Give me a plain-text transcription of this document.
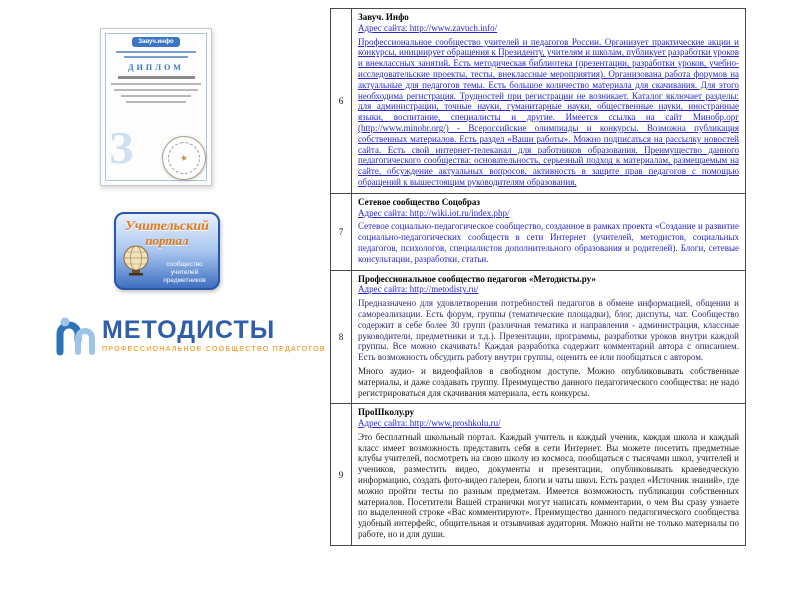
Завуч.инфо
ДИПЛОМ
З	★
Учительский
портал
сообщество учителей предметников
МЕТОДИСТЫ
ПРОФЕССИОНАЛЬНОЕ СООБЩЕСТВО ПЕДАГОГОВ
6
Завуч. Инфо
Адрес сайта: http://www.zavuch.info/
Профессиональное сообщество учителей и педагогов России. Организует практические акции и конкурсы, инициирует обращения к Президенту, учителям и школам, публикует разработки уроков и внеклассных занятий. Есть методическая библиотека (презентации, разработки уроков, учебно-исследовательские проекты, тесты, внеклассные мероприятия). Организована работа форумов на актуальные для педагогов темы. Есть большое количество материала для скачивания. Для этого необходима регистрация. Трудностей при регистрации не возникает. Каталог включает разделы: для администрации, точные науки, гуманитарные науки, общественные науки, иностранные языки, воспитание, специалисты и другие. Имеется ссылка на сайт Минобр.орг (http://www.minobr.org/) - Всероссийские олимпиады и конкурсы. Возможна публикация собственных материалов. Есть раздел «Ваши работы». Можно подписаться на рассылку новостей сайта. Есть свой интернет-телеканал для работников образования. Преимущество данного педагогического сообщества: основательность, серьезный подход к материалам, размещаемым на сайте, обсуждение актуальных вопросов, активность в защите прав педагогов с помощью обращений к вышестоящим руководителям образования.
7
Сетевое сообщество Соцобраз
Адрес сайта: http://wiki.iot.ru/index.php/
Сетевое социально-педагогическое сообщество, созданное в рамках проекта «Создание и развитие социально-педагогических сообществ в сети Интернет (учителей, методистов, социальных педагогов, психологов, специалистов дополнительного образования и родителей). Блоги, сетевые консультации, разработки, статьи.
8
Профессиональное сообщество педагогов «Методисты.ру»
Адрес сайта: http://metodisty.ru/
Предназначено для удовлетворения потребностей педагогов в обмене информацией, общении и самореализации. Есть форум, группы (тематические площадки), блог, диспуты, чат. Сообщество содержит в себе более 30 групп (различная тематика и направления - администрация, классные руководители, предметники и т.д.). Презентации, программы, разработки уроков внутри каждой группы. Все можно скачивать! Каждая разработка содержит комментарий автора с описанием. Есть возможность обсудить работу внутри группы, оценить ее или пообщаться с автором.
Много аудио- и видеофайлов в свободном доступе. Можно опубликовывать собственные материалы, и даже создавать группу. Преимущество данного педагогического сообщества: не надо регистрироваться для скачивания материала, есть конкурсы.
9
ПроШколу.ру
Адрес сайта: http://www.proshkolu.ru/
Это бесплатный школьный портал. Каждый учитель и каждый ученик, каждая школа и каждый класс имеет возможность представить себя в сети Интернет. Вы можете посетить предметные клубы учителей, посмотреть на свою школу из космоса, пообщаться с тысячами школ, учителей и учеников, разместить видео, документы и презентации, опубликовывать краеведческую информацию, создать фото-видео галереи, блоги и чаты школ. Есть раздел «Источник знаний», где можно пройти тесты по разным предметам. Имеется возможность публикации собственных материалов. Посетители Вашей странички могут написать комментарии, о чем Вы сразу узнаете по выделенной строке «Вас комментируют». Преимущество данного педагогического сообщества удобный интерфейс, общительная и отзывчивая аудитория. Можно найти не только материалы по работе, но и для души.
